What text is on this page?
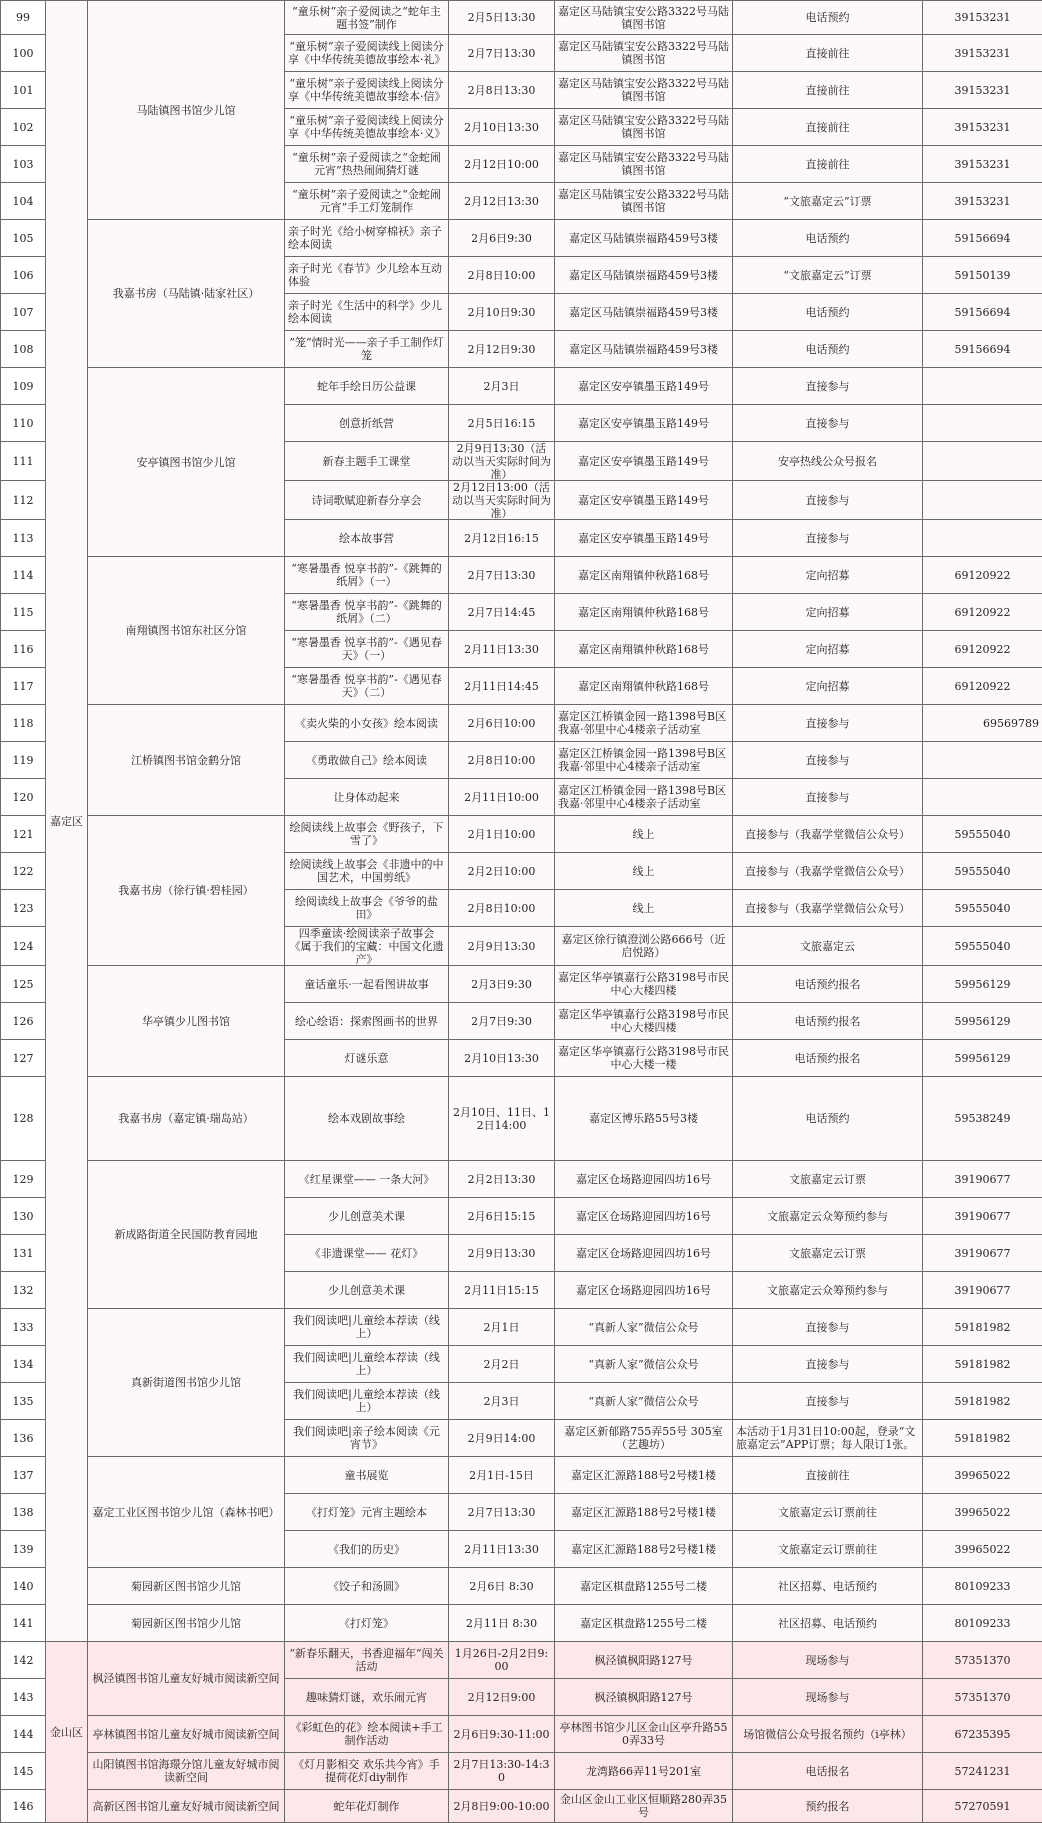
99	嘉定区	马陆镇图书馆少儿馆	“童乐树”亲子爱阅读之“蛇年主题书签”制作	2月5日13:30	嘉定区马陆镇宝安公路3322号马陆镇图书馆	电话预约	39153231
100			“童乐树”亲子爱阅读线上阅读分享《中华传统美德故事绘本·礼》	2月7日13:30	嘉定区马陆镇宝安公路3322号马陆镇图书馆	直接前往	39153231
101			“童乐树”亲子爱阅读线上阅读分享《中华传统美德故事绘本·信》	2月8日13:30	嘉定区马陆镇宝安公路3322号马陆镇图书馆	直接前往	39153231
102			“童乐树”亲子爱阅读线上阅读分享《中华传统美德故事绘本·义》	2月10日13:30	嘉定区马陆镇宝安公路3322号马陆镇图书馆	直接前往	39153231
103			“童乐树”亲子爱阅读之“金蛇闹元宵”热热闹闹猜灯谜	2月12日10:00	嘉定区马陆镇宝安公路3322号马陆镇图书馆	直接前往	39153231
104			“童乐树”亲子爱阅读之“金蛇闹元宵”手工灯笼制作	2月12日13:30	嘉定区马陆镇宝安公路3322号马陆镇图书馆	“文旅嘉定云”订票	39153231
105		我嘉书房（马陆镇·陆家社区）	亲子时光《给小树穿棉袄》亲子绘本阅读	2月6日9:30	嘉定区马陆镇崇福路459号3楼	电话预约	59156694
106			亲子时光《春节》少儿绘本互动体验	2月8日10:00	嘉定区马陆镇崇福路459号3楼	“文旅嘉定云”订票	59150139
107			亲子时光《生活中的科学》少儿绘本阅读	2月10日9:30	嘉定区马陆镇崇福路459号3楼	电话预约	59156694
108			”笼“情时光——亲子手工制作灯笼	2月12日9:30	嘉定区马陆镇崇福路459号3楼	电话预约	59156694
109		安亭镇图书馆少儿馆	蛇年手绘日历公益课	2月3日	嘉定区安亭镇墨玉路149号	直接参与	
110			创意折纸营	2月5日16:15	嘉定区安亭镇墨玉路149号	直接参与	
111			新春主题手工课堂	2月9日13:30（活动以当天实际时间为准）	嘉定区安亭镇墨玉路149号	安亭热线公众号报名	
112			诗词歌赋迎新春分享会	2月12日13:00（活动以当天实际时间为准）	嘉定区安亭镇墨玉路149号	直接参与	
113			绘本故事营	2月12日16:15	嘉定区安亭镇墨玉路149号	直接参与	
114		南翔镇图书馆东社区分馆	“寒暑墨香 悦享书韵”-《跳舞的纸屑》（一）	2月7日13:30	嘉定区南翔镇仲秋路168号	定向招募	69120922
115			“寒暑墨香 悦享书韵”-《跳舞的纸屑》（二）	2月7日14:45	嘉定区南翔镇仲秋路168号	定向招募	69120922
116			“寒暑墨香 悦享书韵”-《遇见春天》（一）	2月11日13:30	嘉定区南翔镇仲秋路168号	定向招募	69120922
117			“寒暑墨香 悦享书韵”-《遇见春天》（二）	2月11日14:45	嘉定区南翔镇仲秋路168号	定向招募	69120922
118		江桥镇图书馆金鹤分馆	《卖火柴的小女孩》绘本阅读	2月6日10:00	嘉定区江桥镇金园一路1398号B区我嘉·邻里中心4楼亲子活动室	直接参与	69569789
119			《勇敢做自己》绘本阅读	2月8日10:00	嘉定区江桥镇金园一路1398号B区我嘉·邻里中心4楼亲子活动室	直接参与	
120			让身体动起来	2月11日10:00	嘉定区江桥镇金园一路1398号B区我嘉·邻里中心4楼亲子活动室	直接参与	
121		我嘉书房（徐行镇·碧桂园）	绘阅读线上故事会《野孩子，下雪了》	2月1日10:00	线上	直接参与（我嘉学堂微信公众号）	59555040
122			绘阅读线上故事会《非遗中的中国艺术，中国剪纸》	2月2日10:00	线上	直接参与（我嘉学堂微信公众号）	59555040
123			绘阅读线上故事会《爷爷的盐田》	2月8日10:00	线上	直接参与（我嘉学堂微信公众号）	59555040
124			四季童读·绘阅读亲子故事会《属于我们的宝藏：中国文化遗产》	2月9日13:30	嘉定区徐行镇澄浏公路666号（近启悦路）	文旅嘉定云	59555040
125		华亭镇少儿图书馆	童话童乐·一起看图讲故事	2月3日9:30	嘉定区华亭镇嘉行公路3198号市民中心大楼四楼	电话预约报名	59956129
126			绘心绘语：探索图画书的世界	2月7日9:30	嘉定区华亭镇嘉行公路3198号市民中心大楼四楼	电话预约报名	59956129
127			灯谜乐意	2月10日13:30	嘉定区华亭镇嘉行公路3198号市民中心大楼一楼	电话预约报名	59956129
128		我嘉书房（嘉定镇·瑞岛站）	绘本戏剧故事绘	2月10日、11日、12日14:00	嘉定区博乐路55号3楼	电话预约	59538249
129		新成路街道全民国防教育园地	《红星课堂—— 一条大河》	2月2日13:30	嘉定区仓场路迎园四坊16号	文旅嘉定云订票	39190677
130			少儿创意美术课	2月6日15:15	嘉定区仓场路迎园四坊16号	文旅嘉定云众筹预约参与	39190677
131			《非遗课堂—— 花灯》	2月9日13:30	嘉定区仓场路迎园四坊16号	文旅嘉定云订票	39190677
132			少儿创意美术课	2月11日15:15	嘉定区仓场路迎园四坊16号	文旅嘉定云众筹预约参与	39190677
133		真新街道图书馆少儿馆	我们阅读吧|儿童绘本荐读（线上）	2月1日	“真新人家”微信公众号	直接参与	59181982
134			我们阅读吧|儿童绘本荐读（线上）	2月2日	“真新人家”微信公众号	直接参与	59181982
135			我们阅读吧|儿童绘本荐读（线上）	2月3日	“真新人家”微信公众号	直接参与	59181982
136			我们阅读吧|亲子绘本阅读《元宵节》	2月9日14:00	嘉定区新郁路755弄55号 305室（艺趣坊）	本活动于1月31日10:00起，登录“文旅嘉定云”APP订票；每人限订1张。	59181982
137		嘉定工业区图书馆少儿馆（森林书吧）	童书展览	2月1日-15日	嘉定区汇源路188号2号楼1楼	直接前往	39965022
138			《打灯笼》元宵主题绘本	2月7日13:30	嘉定区汇源路188号2号楼1楼	文旅嘉定云订票前往	39965022
139			《我们的历史》	2月11日13:30	嘉定区汇源路188号2号楼1楼	文旅嘉定云订票前往	39965022
140		菊园新区图书馆少儿馆	《饺子和汤圆》	2月6日 8:30	嘉定区棋盘路1255号二楼	社区招募、电话预约	80109233
141		菊园新区图书馆少儿馆	《打灯笼》	2月11日 8:30	嘉定区棋盘路1255号二楼	社区招募、电话预约	80109233
142	金山区	枫泾镇图书馆儿童友好城市阅读新空间	“新春乐翻天，书香迎福年”闯关活动	1月26日-2月2日9:00	枫泾镇枫阳路127号	现场参与	57351370
143			趣味猜灯谜，欢乐闹元宵	2月12日9:00	枫泾镇枫阳路127号	现场参与	57351370
144		亭林镇图书馆儿童友好城市阅读新空间	《彩虹色的花》绘本阅读+手工制作活动	2月6日9:30-11:00	亭林图书馆少儿区金山区亭升路550弄33号	场馆微信公众号报名预约（i亭林）	67235395
145		山阳镇图书馆海璟分馆儿童友好城市阅读新空间	《灯月影相交 欢乐共今宵》手提荷花灯diy制作	2月7日13:30-14:30	龙湾路66弄11号201室	电话报名	57241231
146		高新区图书馆儿童友好城市阅读新空间	蛇年花灯制作	2月8日9:00-10:00	金山区金山工业区恒顺路280弄35号	预约报名	57270591
